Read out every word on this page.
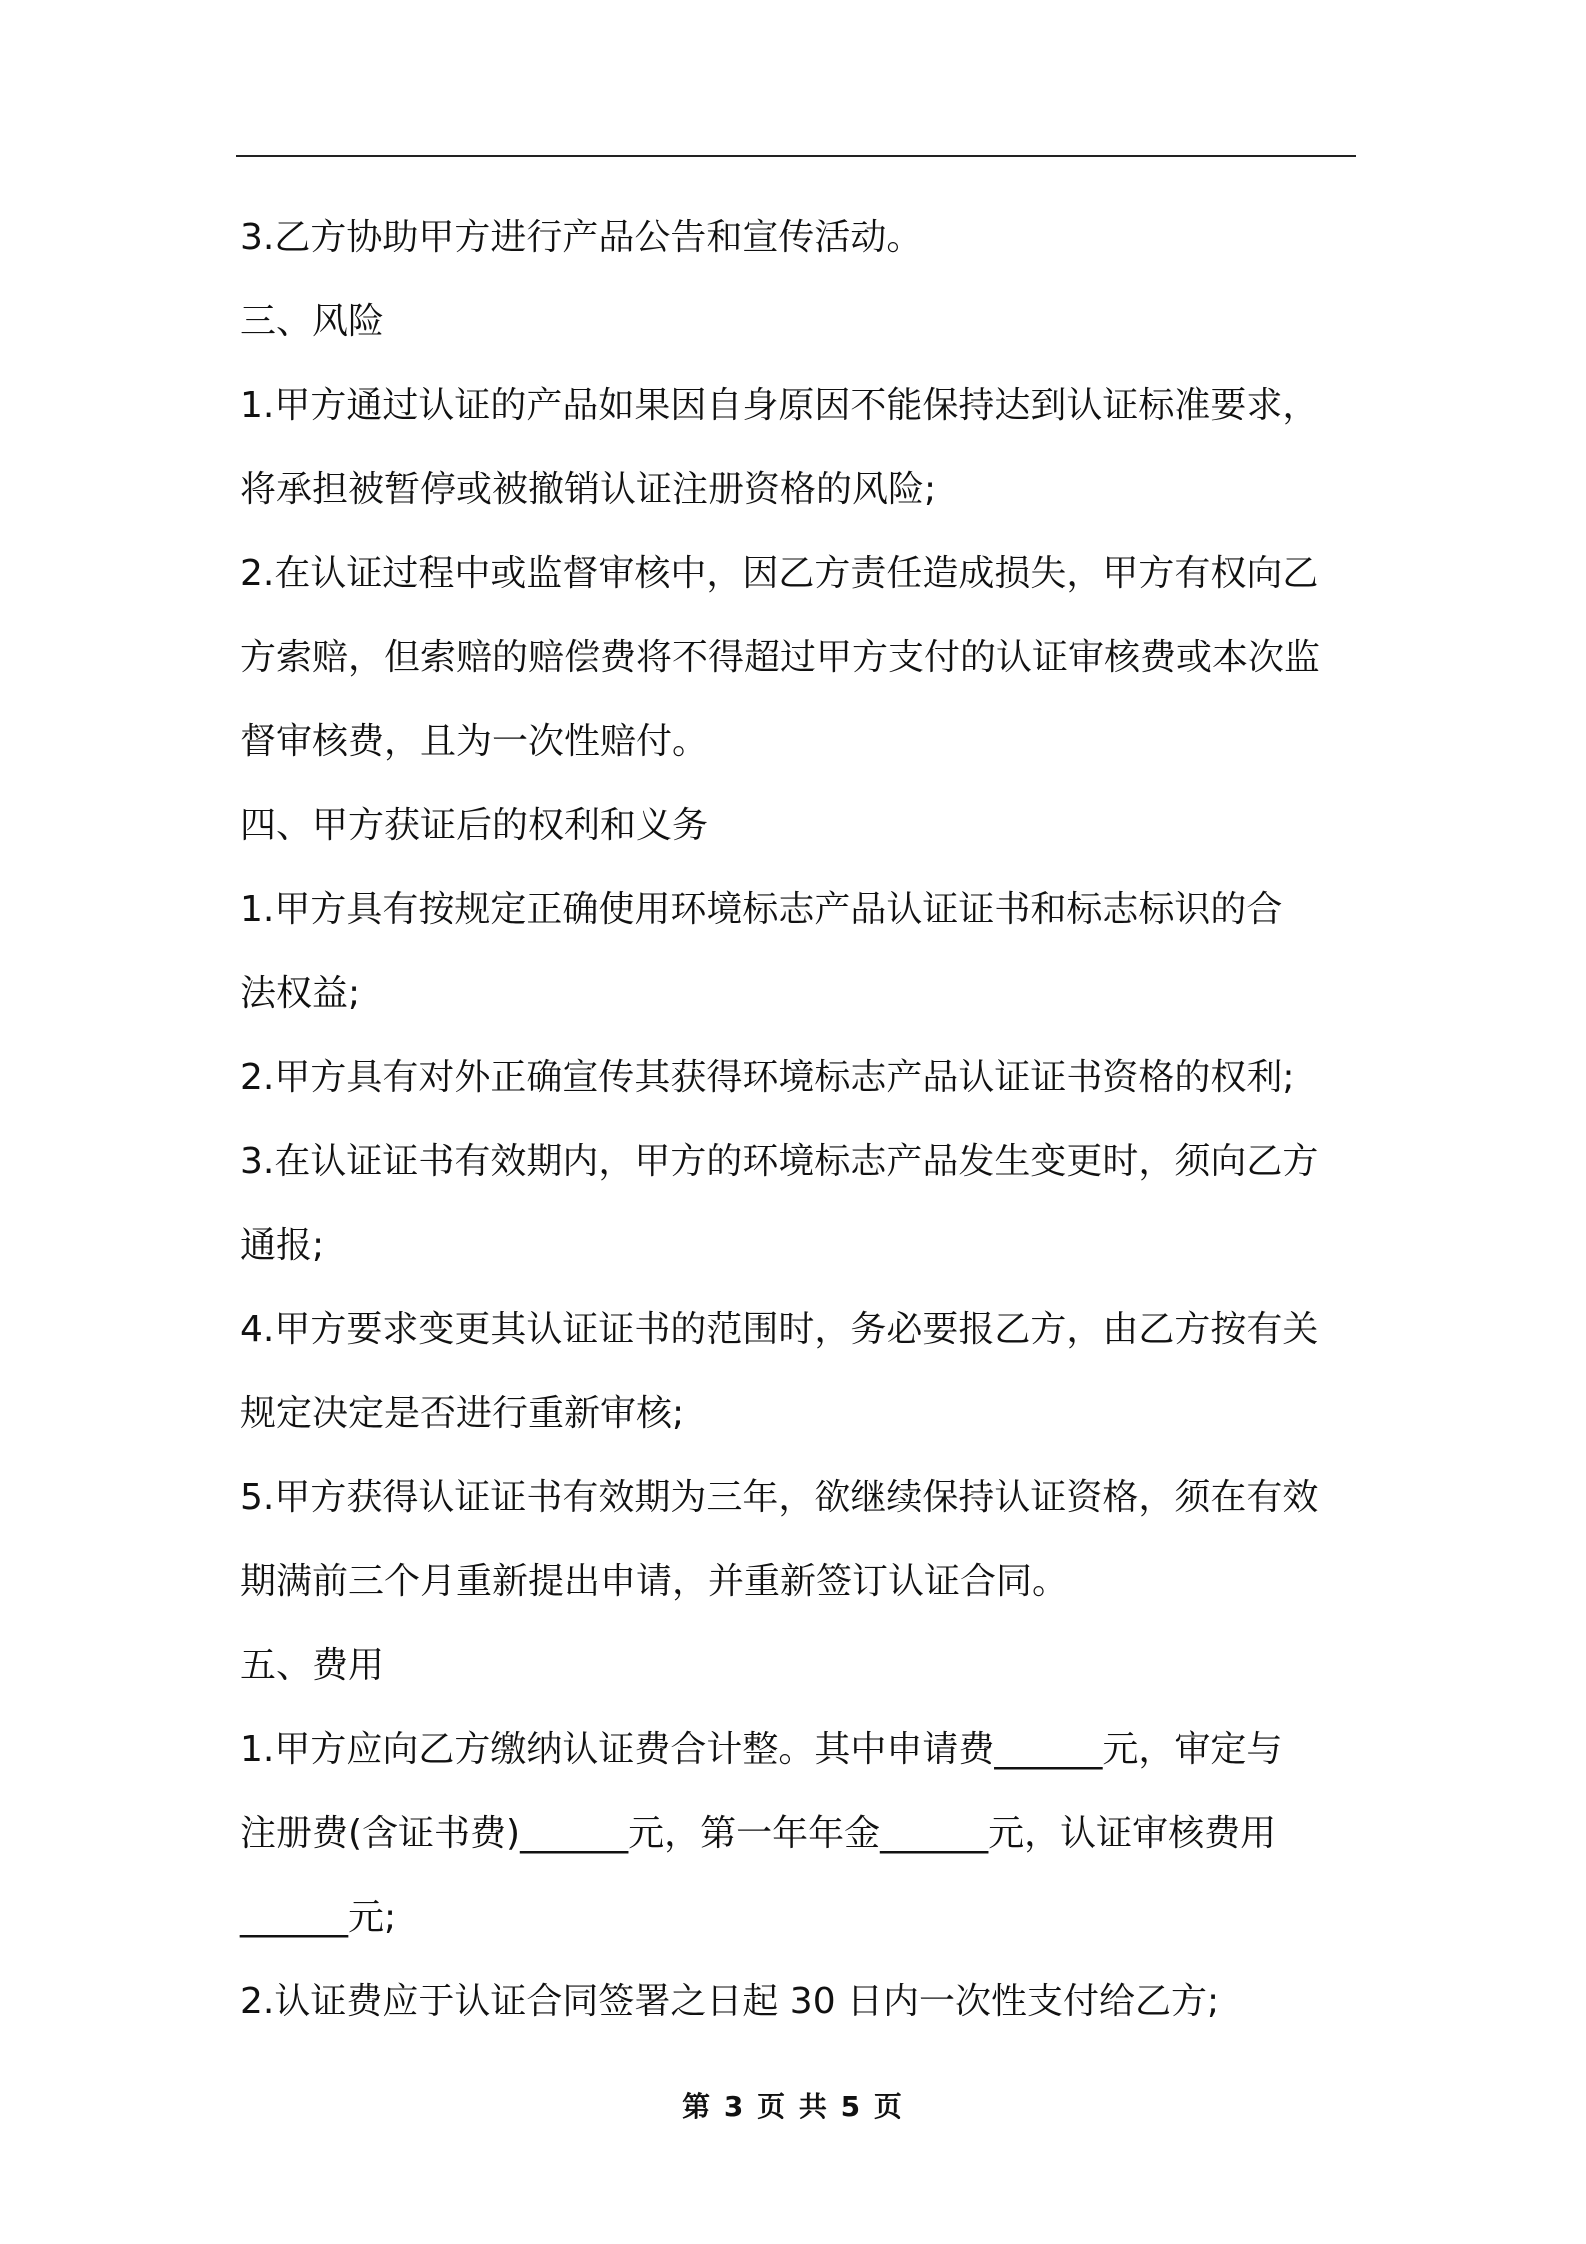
3.乙方协助甲方进行产品公告和宣传活动。

三、风险

1.甲方通过认证的产品如果因自身原因不能保持达到认证标准要求，

将承担被暂停或被撤销认证注册资格的风险;

2.在认证过程中或监督审核中，因乙方责任造成损失，甲方有权向乙

方索赔，但索赔的赔偿费将不得超过甲方支付的认证审核费或本次监

督审核费，且为一次性赔付。

四、甲方获证后的权利和义务

1.甲方具有按规定正确使用环境标志产品认证证书和标志标识的合

法权益;

2.甲方具有对外正确宣传其获得环境标志产品认证证书资格的权利;

3.在认证证书有效期内，甲方的环境标志产品发生变更时，须向乙方

通报;

4.甲方要求变更其认证证书的范围时，务必要报乙方，由乙方按有关

规定决定是否进行重新审核;

5.甲方获得认证证书有效期为三年，欲继续保持认证资格，须在有效

期满前三个月重新提出申请，并重新签订认证合同。

五、费用

1.甲方应向乙方缴纳认证费合计整。其中申请费______元，审定与

注册费(含证书费)______元，第一年年金______元，认证审核费用

______元;

2.认证费应于认证合同签署之日起 30 日内一次性支付给乙方;

第 3 页 共 5 页
